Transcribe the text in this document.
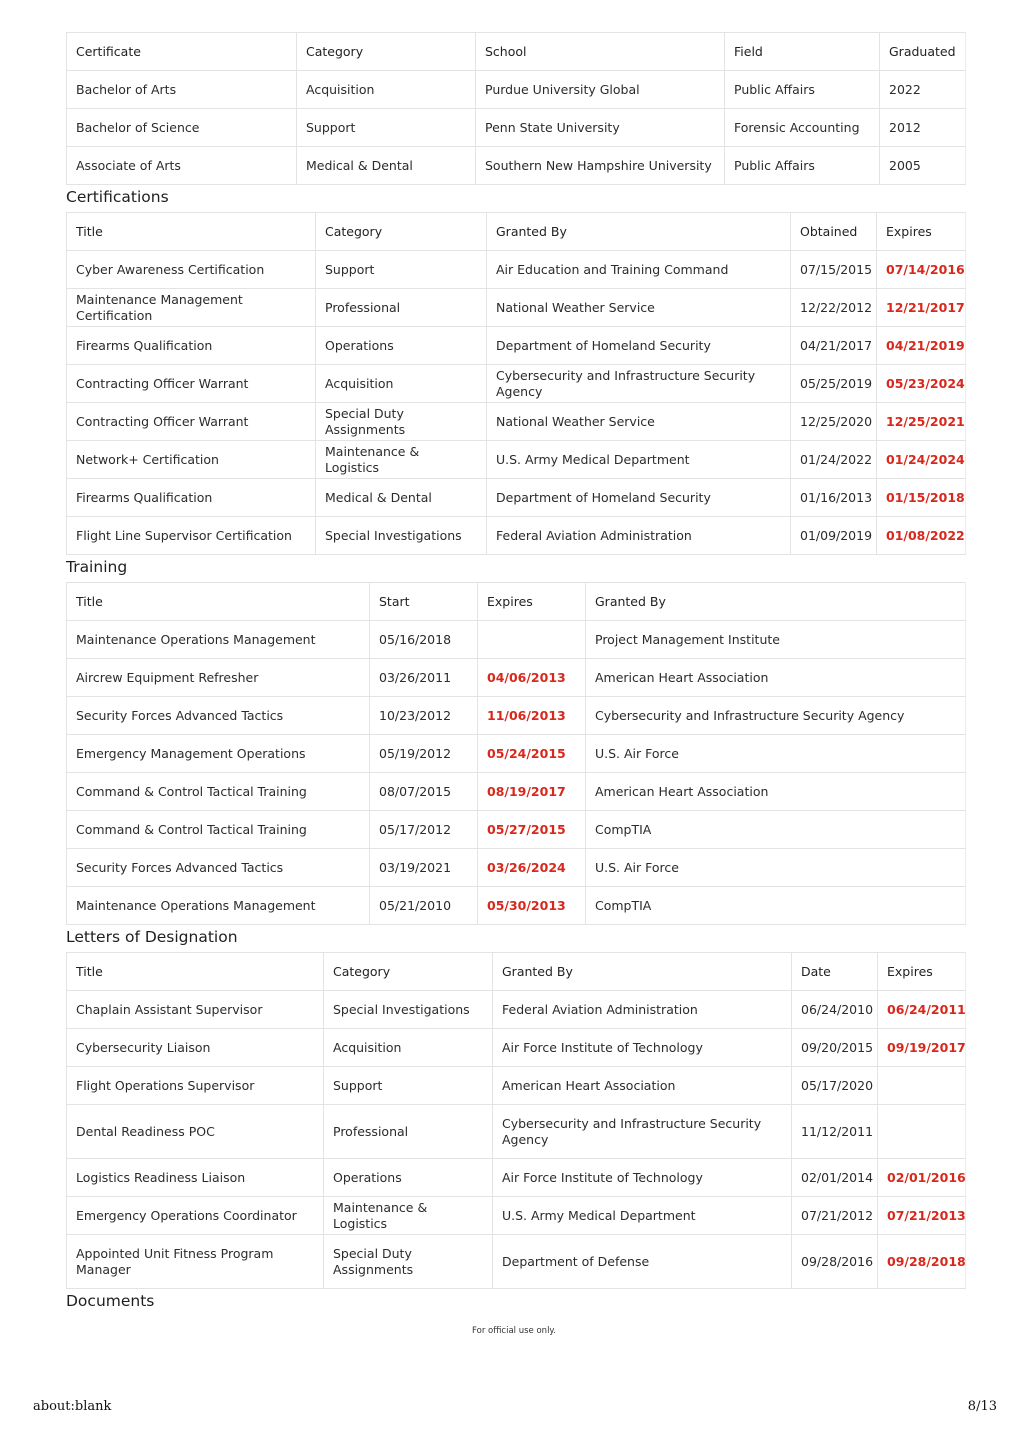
Certificate	Category	School	Field	Graduated
Bachelor of Arts	Acquisition	Purdue University Global	Public Affairs	2022
Bachelor of Science	Support	Penn State University	Forensic Accounting	2012
Associate of Arts	Medical & Dental	Southern New Hampshire University	Public Affairs	2005
Certifications
Title	Category	Granted By	Obtained	Expires
Cyber Awareness Certification	Support	Air Education and Training Command	07/15/2015	07/14/2016
Maintenance Management Certification	Professional	National Weather Service	12/22/2012	12/21/2017
Firearms Qualification	Operations	Department of Homeland Security	04/21/2017	04/21/2019
Contracting Officer Warrant	Acquisition	Cybersecurity and Infrastructure Security Agency	05/25/2019	05/23/2024
Contracting Officer Warrant	Special Duty Assignments	National Weather Service	12/25/2020	12/25/2021
Network+ Certification	Maintenance & Logistics	U.S. Army Medical Department	01/24/2022	01/24/2024
Firearms Qualification	Medical & Dental	Department of Homeland Security	01/16/2013	01/15/2018
Flight Line Supervisor Certification	Special Investigations	Federal Aviation Administration	01/09/2019	01/08/2022
Training
Title	Start	Expires	Granted By
Maintenance Operations Management	05/16/2018		Project Management Institute
Aircrew Equipment Refresher	03/26/2011	04/06/2013	American Heart Association
Security Forces Advanced Tactics	10/23/2012	11/06/2013	Cybersecurity and Infrastructure Security Agency
Emergency Management Operations	05/19/2012	05/24/2015	U.S. Air Force
Command & Control Tactical Training	08/07/2015	08/19/2017	American Heart Association
Command & Control Tactical Training	05/17/2012	05/27/2015	CompTIA
Security Forces Advanced Tactics	03/19/2021	03/26/2024	U.S. Air Force
Maintenance Operations Management	05/21/2010	05/30/2013	CompTIA
Letters of Designation
Title	Category	Granted By	Date	Expires
Chaplain Assistant Supervisor	Special Investigations	Federal Aviation Administration	06/24/2010	06/24/2011
Cybersecurity Liaison	Acquisition	Air Force Institute of Technology	09/20/2015	09/19/2017
Flight Operations Supervisor	Support	American Heart Association	05/17/2020	
Dental Readiness POC	Professional	Cybersecurity and Infrastructure Security Agency	11/12/2011	
Logistics Readiness Liaison	Operations	Air Force Institute of Technology	02/01/2014	02/01/2016
Emergency Operations Coordinator	Maintenance & Logistics	U.S. Army Medical Department	07/21/2012	07/21/2013
Appointed Unit Fitness Program Manager	Special Duty Assignments	Department of Defense	09/28/2016	09/28/2018
Documents
For official use only.
about:blank	8/13
